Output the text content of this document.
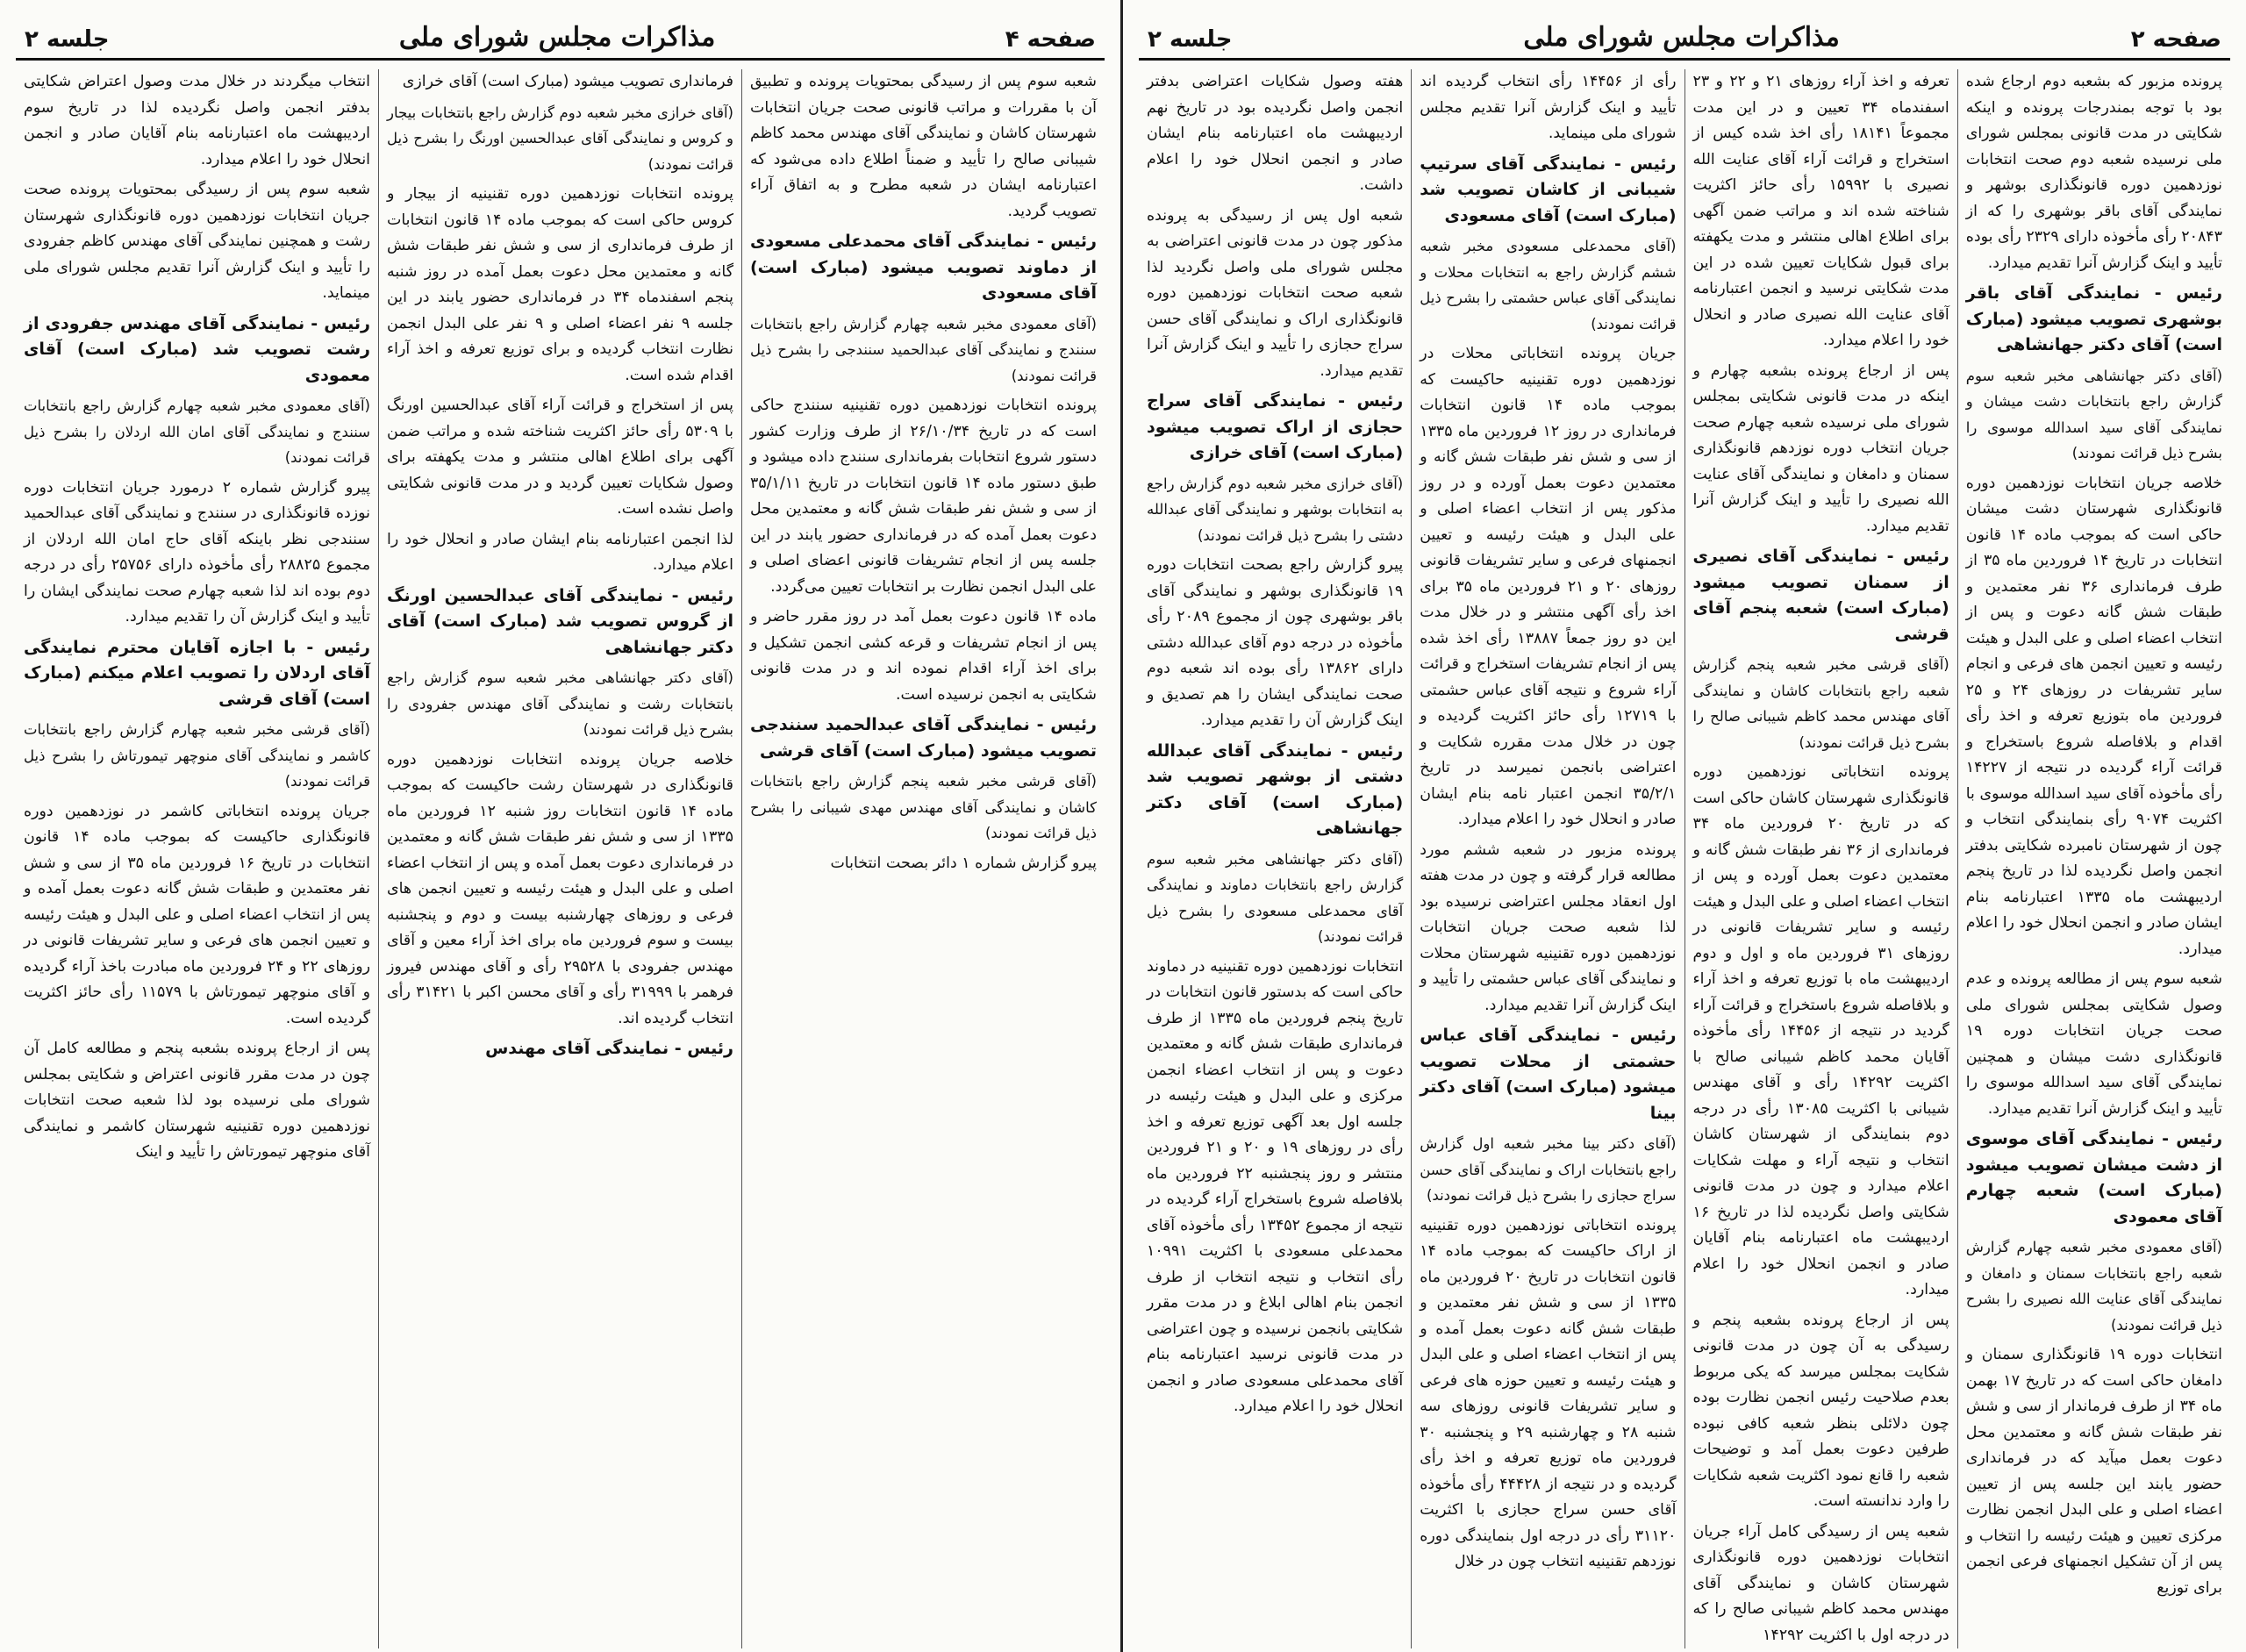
صفحه ۴
مذاکرات مجلس شورای ملی
جلسه ۲

شعبه سوم پس از رسیدگی بمحتویات پرونده و تطبیق آن با مقررات و مراتب قانونی صحت جریان انتخابات شهرستان کاشان و نمایندگی آقای مهندس محمد کاظم شیبانی صالح را تأیید و ضمناً اطلاع داده می‌شود که اعتبارنامه ایشان در شعبه مطرح و به اتفاق آراء تصویب گردید.

رئیس - نمایندگی آقای محمدعلی مسعودی از دماوند تصویب میشود (مبارک است) آقای مسعودی

(آقای معمودی مخبر شعبه چهارم گزارش راجع بانتخابات سنندج و نمایندگی آقای عبدالحمید سنندجی را بشرح ذیل قرائت نمودند)

پرونده انتخابات نوزدهمین دوره تقنینیه سنندج حاکی است که در تاریخ ۲۶/۱۰/۳۴ از طرف وزارت کشور دستور شروع انتخابات بفرمانداری سنندج داده میشود و طبق دستور ماده ۱۴ قانون انتخابات در تاریخ ۳۵/۱/۱۱ از سی و شش نفر طبقات شش گانه و معتمدین محل دعوت بعمل آمده که در فرمانداری حضور یابند در این جلسه پس از انجام تشریفات قانونی اعضای اصلی و علی البدل انجمن نظارت بر انتخابات تعیین می‌گردد.

ماده ۱۴ قانون دعوت بعمل آمد در روز مقرر حاضر و پس از انجام تشریفات و قرعه کشی انجمن تشکیل و برای اخذ آراء اقدام نموده اند و در مدت قانونی شکایتی به انجمن نرسیده است.

رئیس - نمایندگی آقای عبدالحمید سنندجی تصویب میشود (مبارک است) آقای قرشی

(آقای قرشی مخبر شعبه پنجم گزارش راجع بانتخابات کاشان و نمایندگی آقای مهندس مهدی شیبانی را بشرح ذیل قرائت نمودند)

پیرو گزارش شماره ۱ دائر بصحت انتخابات

فرمانداری تصویب میشود (مبارک است) آقای خرازی

(آقای خرازی مخبر شعبه دوم گزارش راجع بانتخابات بیجار و کروس و نمایندگی آقای عبدالحسین اورنگ را بشرح ذیل قرائت نمودند)

پرونده انتخابات نوزدهمین دوره تقنینیه از بیجار و کروس حاکی است که بموجب ماده ۱۴ قانون انتخابات از طرف فرمانداری از سی و شش نفر طبقات شش گانه و معتمدین محل دعوت بعمل آمده در روز شنبه پنجم اسفندماه ۳۴ در فرمانداری حضور یابند در این جلسه ۹ نفر اعضاء اصلی و ۹ نفر علی البدل انجمن نظارت انتخاب گردیده و برای توزیع تعرفه و اخذ آراء اقدام شده است.

پس از استخراج و قرائت آراء آقای عبدالحسین اورنگ با ۵۳۰۹ رأی حائز اکثریت شناخته شده و مراتب ضمن آگهی برای اطلاع اهالی منتشر و مدت یکهفته برای وصول شکایات تعیین گردید و در مدت قانونی شکایتی واصل نشده است.

لذا انجمن اعتبارنامه بنام ایشان صادر و انحلال خود را اعلام میدارد.

رئیس - نمایندگی آقای عبدالحسین اورنگ از گروس تصویب شد (مبارک است) آقای دکتر جهانشاهی

(آقای دکتر جهانشاهی مخبر شعبه سوم گزارش راجع بانتخابات رشت و نمایندگی آقای مهندس جفرودی را بشرح ذیل قرائت نمودند)

خلاصه جریان پرونده انتخابات نوزدهمین دوره قانونگذاری در شهرستان رشت حاکیست که بموجب ماده ۱۴ قانون انتخابات روز شنبه ۱۲ فروردین ماه ۱۳۳۵ از سی و شش نفر طبقات شش گانه و معتمدین در فرمانداری دعوت بعمل آمده و پس از انتخاب اعضاء اصلی و علی البدل و هیئت رئیسه و تعیین انجمن های فرعی و روزهای چهارشنبه بیست و دوم و پنجشنبه بیست و سوم فروردین ماه برای اخذ آراء معین و آقای مهندس جفرودی با ۲۹۵۲۸ رأی و آقای مهندس فیروز فرهمر با ۳۱۹۹۹ رأی و آقای محسن اکبر با ۳۱۴۲۱ رأی انتخاب گردیده اند.

رئیس - نمایندگی آقای مهندس

انتخاب میگردند در خلال مدت وصول اعتراض شکایتی بدفتر انجمن واصل نگردیده لذا در تاریخ سوم اردیبهشت ماه اعتبارنامه بنام آقایان صادر و انجمن انحلال خود را اعلام میدارد.

شعبه سوم پس از رسیدگی بمحتویات پرونده صحت جریان انتخابات نوزدهمین دوره قانونگذاری شهرستان رشت و همچنین نمایندگی آقای مهندس کاظم جفرودی را تأیید و اینک گزارش آنرا تقدیم مجلس شورای ملی مینماید.

رئیس - نمایندگی آقای مهندس جفرودی از رشت تصویب شد (مبارک است) آقای معمودی

(آقای معمودی مخبر شعبه چهارم گزارش راجع بانتخابات سنندج و نمایندگی آقای امان الله اردلان را بشرح ذیل قرائت نمودند)

پیرو گزارش شماره ۲ درمورد جریان انتخابات دوره نوزده قانونگذاری در سنندج و نمایندگی آقای عبدالحمید سنندجی نظر باینکه آقای حاج امان الله اردلان از مجموع ۲۸۸۲۵ رأی مأخوذه دارای ۲۵۷۵۶ رأی در درجه دوم بوده اند لذا شعبه چهارم صحت نمایندگی ایشان را تأیید و اینک گزارش آن را تقدیم میدارد.

رئیس - با اجازه آقایان محترم نمایندگی آقای اردلان را تصویب اعلام میکنم (مبارک است) آقای قرشی

(آقای قرشی مخبر شعبه چهارم گزارش راجع بانتخابات کاشمر و نمایندگی آقای منوچهر تیمورتاش را بشرح ذیل قرائت نمودند)

جریان پرونده انتخاباتی کاشمر در نوزدهمین دوره قانونگذاری حاکیست که بموجب ماده ۱۴ قانون انتخابات در تاریخ ۱۶ فروردین ماه ۳۵ از سی و شش نفر معتمدین و طبقات شش گانه دعوت بعمل آمده و پس از انتخاب اعضاء اصلی و علی البدل و هیئت رئیسه و تعیین انجمن های فرعی و سایر تشریفات قانونی در روزهای ۲۲ و ۲۴ فروردین ماه مبادرت باخذ آراء گردیده و آقای منوچهر تیمورتاش با ۱۱۵۷۹ رأی حائز اکثریت گردیده است.

پس از ارجاع پرونده بشعبه پنجم و مطالعه کامل آن چون در مدت مقرر قانونی اعتراض و شکایتی بمجلس شورای ملی نرسیده بود لذا شعبه صحت انتخابات نوزدهمین دوره تقنینیه شهرستان کاشمر و نمایندگی آقای منوچهر تیمورتاش را تأیید و اینک

صفحه ۲
مذاکرات مجلس شورای ملی
جلسه ۲

پرونده مزبور که بشعبه دوم ارجاع شده بود با توجه بمندرجات پرونده و اینکه شکایتی در مدت قانونی بمجلس شورای ملی نرسیده شعبه دوم صحت انتخابات نوزدهمین دوره قانونگذاری بوشهر و نمایندگی آقای باقر بوشهری را که از ۲۰۸۴۳ رأی مأخوذه دارای ۲۳۲۹ رأی بوده تأیید و اینک گزارش آنرا تقدیم میدارد.

رئیس - نمایندگی آقای باقر بوشهری تصویب میشود (مبارک است) آقای دکتر جهانشاهی

(آقای دکتر جهانشاهی مخبر شعبه سوم گزارش راجع بانتخابات دشت میشان و نمایندگی آقای سید اسدالله موسوی را بشرح ذیل قرائت نمودند)

خلاصه جریان انتخابات نوزدهمین دوره قانونگذاری شهرستان دشت میشان حاکی است که بموجب ماده ۱۴ قانون انتخابات در تاریخ ۱۴ فروردین ماه ۳۵ از طرف فرمانداری ۳۶ نفر معتمدین و طبقات شش گانه دعوت و پس از انتخاب اعضاء اصلی و علی البدل و هیئت رئیسه و تعیین انجمن های فرعی و انجام سایر تشریفات در روزهای ۲۴ و ۲۵ فروردین ماه بتوزیع تعرفه و اخذ رأی اقدام و بلافاصله شروع باستخراج و قرائت آراء گردیده در نتیجه از ۱۴۲۲۷ رأی مأخوذه آقای سید اسدالله موسوی با اکثریت ۹۰۷۴ رأی بنمایندگی انتخاب و چون از شهرستان نامبرده شکایتی بدفتر انجمن واصل نگردیده لذا در تاریخ پنجم اردیبهشت ماه ۱۳۳۵ اعتبارنامه بنام ایشان صادر و انجمن انحلال خود را اعلام میدارد.

شعبه سوم پس از مطالعه پرونده و عدم وصول شکایتی بمجلس شورای ملی صحت جریان انتخابات دوره ۱۹ قانونگذاری دشت میشان و همچنین نمایندگی آقای سید اسدالله موسوی را تأیید و اینک گزارش آنرا تقدیم میدارد.

رئیس - نمایندگی آقای موسوی از دشت میشان تصویب میشود (مبارک است) شعبه چهارم آقای معمودی

(آقای معمودی مخبر شعبه چهارم گزارش شعبه راجع بانتخابات سمنان و دامغان و نمایندگی آقای عنایت الله نصیری را بشرح ذیل قرائت نمودند)

انتخابات دوره ۱۹ قانونگذاری سمنان و دامغان حاکی است که در تاریخ ۱۷ بهمن ماه ۳۴ از طرف فرماندار از سی و شش نفر طبقات شش گانه و معتمدین محل دعوت بعمل میآید که در فرمانداری حضور یابند این جلسه پس از تعیین اعضاء اصلی و علی البدل انجمن نظارت مرکزی تعیین و هیئت رئیسه را انتخاب و پس از آن تشکیل انجمنهای فرعی انجمن برای توزیع

تعرفه و اخذ آراء روزهای ۲۱ و ۲۲ و ۲۳ اسفندماه ۳۴ تعیین و در این مدت مجموعاً ۱۸۱۴۱ رأی اخذ شده کیس از استخراج و قرائت آراء آقای عنایت الله نصیری با ۱۵۹۹۲ رأی حائز اکثریت شناخته شده اند و مراتب ضمن آگهی برای اطلاع اهالی منتشر و مدت یکهفته برای قبول شکایات تعیین شده در این مدت شکایتی نرسید و انجمن اعتبارنامه آقای عنایت الله نصیری صادر و انحلال خود را اعلام میدارد.

پس از ارجاع پرونده بشعبه چهارم و اینکه در مدت قانونی شکایتی بمجلس شورای ملی نرسیده شعبه چهارم صحت جریان انتخاب دوره نوزدهم قانونگذاری سمنان و دامغان و نمایندگی آقای عنایت الله نصیری را تأیید و اینک گزارش آنرا تقدیم میدارد.

رئیس - نمایندگی آقای نصیری از سمنان تصویب میشود (مبارک است) شعبه پنجم آقای قرشی

(آقای قرشی مخبر شعبه پنجم گزارش شعبه راجع بانتخابات کاشان و نمایندگی آقای مهندس محمد کاظم شیبانی صالح را بشرح ذیل قرائت نمودند)

پرونده انتخاباتی نوزدهمین دوره قانونگذاری شهرستان کاشان حاکی است که در تاریخ ۲۰ فروردین ماه ۳۴ فرمانداری از ۳۶ نفر طبقات شش گانه و معتمدین دعوت بعمل آورده و پس از انتخاب اعضاء اصلی و علی البدل و هیئت رئیسه و سایر تشریفات قانونی در روزهای ۳۱ فروردین ماه و اول و دوم اردیبهشت ماه با توزیع تعرفه و اخذ آراء و بلافاصله شروع باستخراج و قرائت آراء گردید در نتیجه از ۱۴۴۵۶ رأی مأخوذه آقایان محمد کاظم شیبانی صالح با اکثریت ۱۴۲۹۲ رأی و آقای مهندس شیبانی با اکثریت ۱۳۰۸۵ رأی در درجه دوم بنمایندگی از شهرستان کاشان انتخاب و نتیجه آراء و مهلت شکایات اعلام میدارد و چون در مدت قانونی شکایتی واصل نگردیده لذا در تاریخ ۱۶ اردیبهشت ماه اعتبارنامه بنام آقایان صادر و انجمن انحلال خود را اعلام میدارد.

پس از ارجاع پرونده بشعبه پنجم و رسیدگی به آن چون در مدت قانونی شکایت بمجلس میرسد که یکی مربوط بعدم صلاحیت رئیس انجمن نظارت بوده چون دلائلی بنظر شعبه کافی نبوده طرفین دعوت بعمل آمد و توضیحات شعبه را قانع نمود اکثریت شعبه شکایات را وارد ندانسته است.

شعبه پس از رسیدگی کامل آراء جریان انتخابات نوزدهمین دوره قانونگذاری شهرستان کاشان و نمایندگی آقای مهندس محمد کاظم شیبانی صالح را که در درجه اول با اکثریت ۱۴۲۹۲

رأی از ۱۴۴۵۶ رأی انتخاب گردیده اند تأیید و اینک گزارش آنرا تقدیم مجلس شورای ملی مینماید.

رئیس - نمایندگی آقای سرتیپ شیبانی از کاشان تصویب شد (مبارک است) آقای مسعودی

(آقای محمدعلی مسعودی مخبر شعبه ششم گزارش راجع به انتخابات محلات و نمایندگی آقای عباس حشمتی را بشرح ذیل قرائت نمودند)

جریان پرونده انتخاباتی محلات در نوزدهمین دوره تقنینیه حاکیست که بموجب ماده ۱۴ قانون انتخابات فرمانداری در روز ۱۲ فروردین ماه ۱۳۳۵ از سی و شش نفر طبقات شش گانه و معتمدین دعوت بعمل آورده و در روز مذکور پس از انتخاب اعضاء اصلی و علی البدل و هیئت رئیسه و تعیین انجمنهای فرعی و سایر تشریفات قانونی روزهای ۲۰ و ۲۱ فروردین ماه ۳۵ برای اخذ رأی آگهی منتشر و در خلال مدت این دو روز جمعاً ۱۳۸۸۷ رأی اخذ شده پس از انجام تشریفات استخراج و قرائت آراء شروع و نتیجه آقای عباس حشمتی با ۱۲۷۱۹ رأی حائز اکثریت گردیده و چون در خلال مدت مقرره شکایت و اعتراضی بانجمن نمیرسد در تاریخ ۳۵/۲/۱ انجمن اعتبار نامه بنام ایشان صادر و انحلال خود را اعلام میدارد.

پرونده مزبور در شعبه ششم مورد مطالعه قرار گرفته و چون در مدت هفته اول انعقاد مجلس اعتراضی نرسیده بود لذا شعبه صحت جریان انتخابات نوزدهمین دوره تقنینیه شهرستان محلات و نمایندگی آقای عباس حشمتی را تأیید و اینک گزارش آنرا تقدیم میدارد.

رئیس - نمایندگی آقای عباس حشمتی از محلات تصویب میشود (مبارک است) آقای دکتر بینا

(آقای دکتر بینا مخبر شعبه اول گزارش راجع بانتخابات اراک و نمایندگی آقای حسن سراج حجازی را بشرح ذیل قرائت نمودند)

پرونده انتخاباتی نوزدهمین دوره تقنینیه از اراک حاکیست که بموجب ماده ۱۴ قانون انتخابات در تاریخ ۲۰ فروردین ماه ۱۳۳۵ از سی و شش نفر معتمدین و طبقات شش گانه دعوت بعمل آمده و پس از انتخاب اعضاء اصلی و علی البدل و هیئت رئیسه و تعیین حوزه های فرعی و سایر تشریفات قانونی روزهای سه شنبه ۲۸ و چهارشنبه ۲۹ و پنجشنبه ۳۰ فروردین ماه توزیع تعرفه و اخذ رأی گردیده و در نتیجه از ۴۴۴۲۸ رأی مأخوذه آقای حسن سراج حجازی با اکثریت ۳۱۱۲۰ رأی در درجه اول بنمایندگی دوره نوزدهم تقنینیه انتخاب چون در خلال

هفته وصول شکایات اعتراضی بدفتر انجمن واصل نگردیده بود در تاریخ نهم اردیبهشت ماه اعتبارنامه بنام ایشان صادر و انجمن انحلال خود را اعلام داشت.

شعبه اول پس از رسیدگی به پرونده مذکور چون در مدت قانونی اعتراضی به مجلس شورای ملی واصل نگردید لذا شعبه صحت انتخابات نوزدهمین دوره قانونگذاری اراک و نمایندگی آقای حسن سراج حجازی را تأیید و اینک گزارش آنرا تقدیم میدارد.

رئیس - نمایندگی آقای سراج حجازی از اراک تصویب میشود (مبارک است) آقای خرازی

(آقای خرازی مخبر شعبه دوم گزارش راجع به انتخابات بوشهر و نمایندگی آقای عبدالله دشتی را بشرح ذیل قرائت نمودند)

پیرو گزارش راجع بصحت انتخابات دوره ۱۹ قانونگذاری بوشهر و نمایندگی آقای باقر بوشهری چون از مجموع ۲۰۸۹ رأی مأخوذه در درجه دوم آقای عبدالله دشتی دارای ۱۳۸۶۲ رأی بوده اند شعبه دوم صحت نمایندگی ایشان را هم تصدیق و اینک گزارش آن را تقدیم میدارد.

رئیس - نمایندگی آقای عبدالله دشتی از بوشهر تصویب شد (مبارک است) آقای دکتر جهانشاهی

(آقای دکتر جهانشاهی مخبر شعبه سوم گزارش راجع بانتخابات دماوند و نمایندگی آقای محمدعلی مسعودی را بشرح ذیل قرائت نمودند)

انتخابات نوزدهمین دوره تقنینیه در دماوند حاکی است که بدستور قانون انتخابات در تاریخ پنجم فروردین ماه ۱۳۳۵ از طرف فرمانداری طبقات شش گانه و معتمدین دعوت و پس از انتخاب اعضاء انجمن مرکزی و علی البدل و هیئت رئیسه در جلسه اول بعد آگهی توزیع تعرفه و اخذ رأی در روزهای ۱۹ و ۲۰ و ۲۱ فروردین منتشر و روز پنجشنبه ۲۲ فروردین ماه بلافاصله شروع باستخراج آراء گردیده در نتیجه از مجموع ۱۳۴۵۲ رأی مأخوذه آقای محمدعلی مسعودی با اکثریت ۱۰۹۹۱ رأی انتخاب و نتیجه انتخاب از طرف انجمن بنام اهالی ابلاغ و در مدت مقرر شکایتی بانجمن نرسیده و چون اعتراضی در مدت قانونی نرسید اعتبارنامه بنام آقای محمدعلی مسعودی صادر و انجمن انحلال خود را اعلام میدارد.
